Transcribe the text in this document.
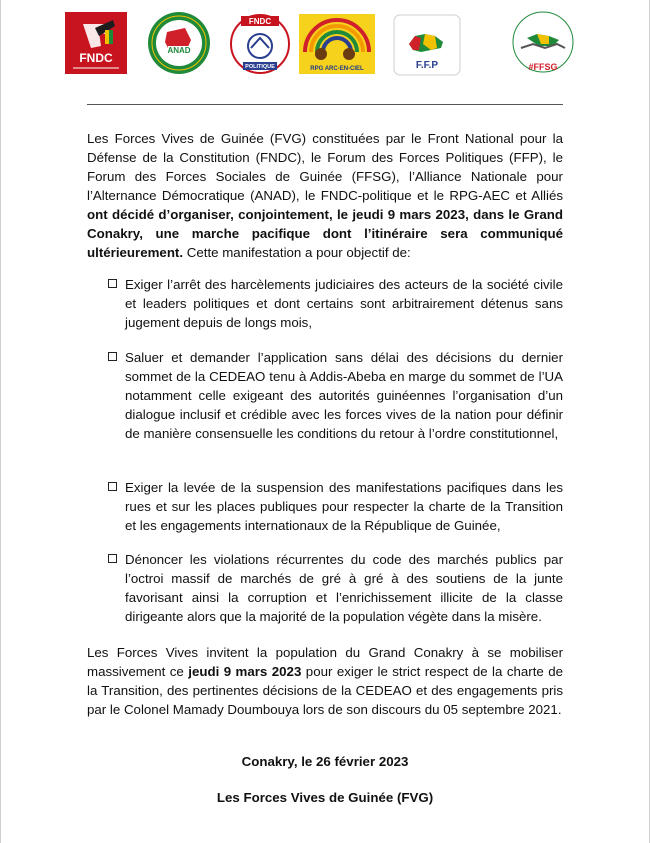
FNDC
ANAD
FNDC
POLITIQUE	RPG ARC-EN-CIEL	F.F.P	#FFSG
Les Forces Vives de Guinée (FVG) constituées par le Front National pour la Défense de la Constitution (FNDC), le Forum des Forces Politiques (FFP), le Forum des Forces Sociales de Guinée (FFSG), l’Alliance Nationale pour l’Alternance Démocratique (ANAD), le FNDC-politique et le RPG-AEC et Alliés ont décidé d’organiser, conjointement, le jeudi 9 mars 2023, dans le Grand Conakry, une marche pacifique dont l’itinéraire sera communiqué ultérieurement. Cette manifestation a pour objectif de:
Exiger l’arrêt des harcèlements judiciaires des acteurs de la société civile et leaders politiques et dont certains sont arbitrairement détenus sans jugement depuis de longs mois,
Saluer et demander l’application sans délai des décisions du dernier sommet de la CEDEAO tenu à Addis-Abeba en marge du sommet de l’UA notamment celle exigeant des autorités guinéennes l’organisation d’un dialogue inclusif et crédible avec les forces vives de la nation pour définir de manière consensuelle les conditions du retour à l’ordre constitutionnel,
Exiger la levée de la suspension des manifestations pacifiques dans les rues et sur les places publiques pour respecter la charte de la Transition et les engagements internationaux de la République de Guinée,
Dénoncer les violations récurrentes du code des marchés publics par l’octroi massif de marchés de gré à gré à des soutiens de la junte favorisant ainsi la corruption et l’enrichissement illicite de la classe dirigeante alors que la majorité de la population végète dans la misère.
Les Forces Vives invitent la population du Grand Conakry à se mobiliser massivement ce jeudi 9 mars 2023 pour exiger le strict respect de la charte de la Transition, des pertinentes décisions de la CEDEAO et des engagements pris par le Colonel Mamady Doumbouya lors de son discours du 05 septembre 2021.
Conakry, le 26 février 2023
Les Forces Vives de Guinée (FVG)
